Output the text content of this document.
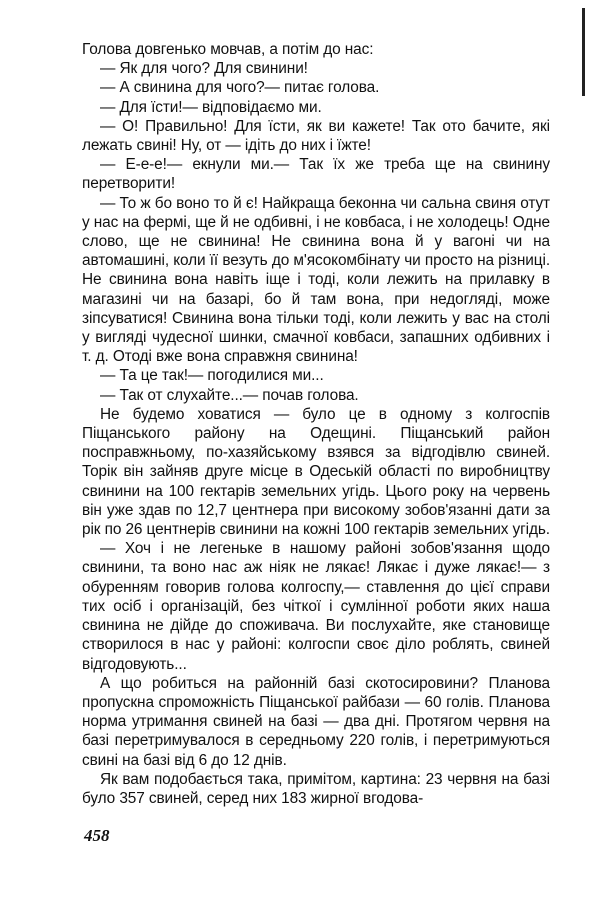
Голова довгенько мовчав, а потім до нас:

— Як для чого? Для свинини!

— А свинина для чого?— питає голова.

— Для їсти!— відповідаємо ми.

— О! Правильно! Для їсти, як ви кажете! Так ото бачите, які лежать свині! Ну, от — ідіть до них і їжте!

— Е-е-е!— екнули ми.— Так їх же треба ще на свинину перетворити!

— То ж бо воно то й є! Найкраща беконна чи сальна свиня отут у нас на фермі, ще й не одбивні, і не ковбаса, і не холодець! Одне слово, ще не свинина! Не свинина вона й у вагоні чи на автомашині, коли її везуть до м'ясокомбінату чи просто на різниці. Не свинина вона навіть іще і тоді, коли лежить на прилавку в магазині чи на базарі, бо й там вона, при недогляді, може зіпсуватися! Свинина вона тільки тоді, коли лежить у вас на столі у вигляді чудесної шинки, смачної ковбаси, запашних одбивних і т. д. Отоді вже вона справжня свинина!

— Та це так!— погодилися ми...

— Так от слухайте...— почав голова.

Не будемо ховатися — було це в одному з колгоспів Піщанського району на Одещині. Піщанський район посправжньому, по-хазяйському взявся за відгодівлю свиней. Торік він зайняв друге місце в Одеській області по виробництву свинини на 100 гектарів земельних угідь. Цього року на червень він уже здав по 12,7 центнера при високому зобов'язанні дати за рік по 26 центнерів свинини на кожні 100 гектарів земельних угідь.

— Хоч і не легеньке в нашому районі зобов'язання щодо свинини, та воно нас аж ніяк не лякає! Лякає і дуже лякає!— з обуренням говорив голова колгоспу,— ставлення до цієї справи тих осіб і організацій, без чіткої і сумлінної роботи яких наша свинина не дійде до споживача. Ви послухайте, яке становище створилося в нас у районі: колгоспи своє діло роблять, свиней відгодовують...

А що робиться на районній базі скотосировини? Планова пропускна спроможність Піщанської райбази — 60 голів. Планова норма утримання свиней на базі — два дні. Протягом червня на базі перетримувалося в середньому 220 голів, і перетримуються свині на базі від 6 до 12 днів.

Як вам подобається така, примітом, картина: 23 червня на базі було 357 свиней, серед них 183 жирної вгодова-

458
